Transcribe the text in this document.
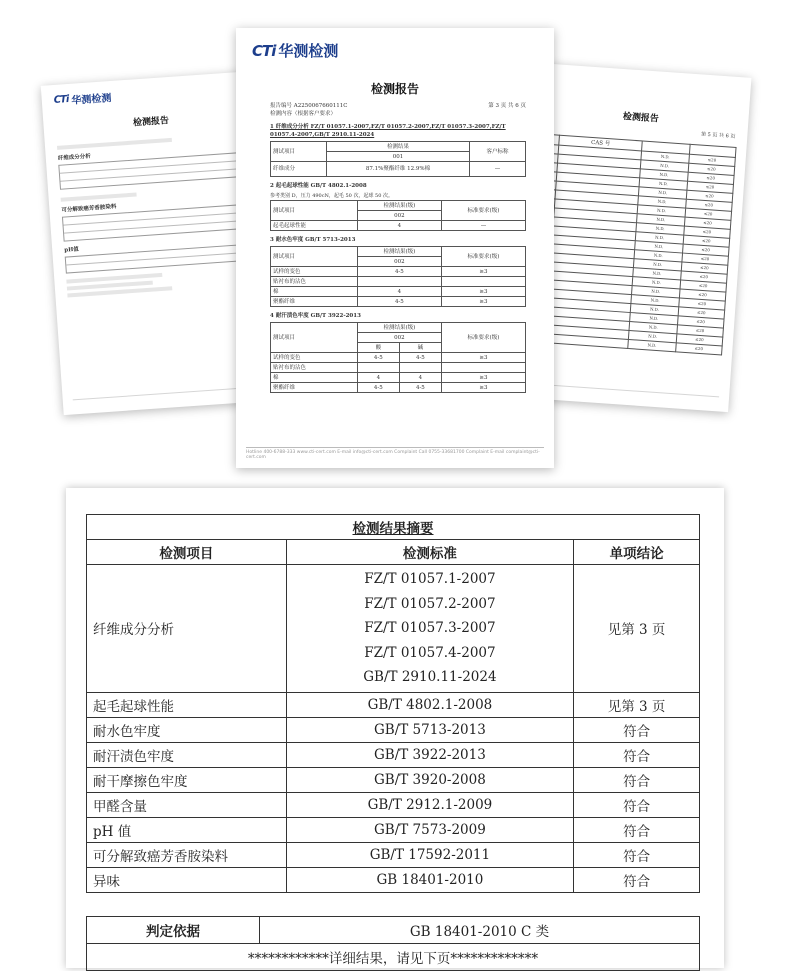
CTi 华测检测
检测报告
纤维成分分析
可分解致癌芳香胺染料
pH值
检测报告
第 5 页 共 6 页
	CAS 号		
		N.D.	≤20
		N.D.	≤20
		N.D.	≤20
		N.D.	≤20
		N.D.	≤20
		N.D.	≤20
		N.D.	≤20
		N.D.	≤20
		N.D.	≤20
		N.D.	≤20
		N.D.	≤20
		N.D.	≤20
		N.D.	≤20
		N.D.	≤20
		N.D.	≤20
		N.D.	≤20
		N.D.	≤20
		N.D.	≤20
		N.D.	≤20
		N.D.	≤20
		N.D.	≤20
		N.D.	≤20
CTi 华测检测
检测报告
报告编号 A2250067660111C	第 3 页 共 6 页
检测内容（根据客户要求）
1 纤维成分分析 FZ/T 01057.1-2007,FZ/T 01057.2-2007,FZ/T 01057.3-2007,FZ/T 01057.4-2007,GB/T 2910.11-2024
测试项目	检测结果	客户标称
	001	
纤维成分	87.1%聚酯纤维 12.9%棉	—
2 起毛起球性能 GB/T 4802.1-2008
参考类别 D，压力 490cN，起毛 50 次，起球 50 次。
测试项目	检测结果(级)	标准要求(级)
	002	
起毛起球性能	4	—
3 耐水色牢度 GB/T 5713-2013
测试项目	检测结果(级)	标准要求(级)
	002	
试样的变色	4-5	≥3
贴衬布的沾色		
棉	4	≥3
聚酯纤维	4-5	≥3
4 耐汗渍色牢度 GB/T 3922-2013
测试项目	检测结果(级)		标准要求(级)
	002		
	酸	碱	
试样的变色	4-5	4-5	≥3
贴衬布的沾色			
棉	4	4	≥3
聚酯纤维	4-5	4-5	≥3
Hotline 400-6788-333 www.cti-cert.com E-mail info@cti-cert.com Complaint Call 0755-33681700 Complaint E-mail complaint@cti-cert.com
检测结果摘要		
检测项目	检测标准	单项结论
纤维成分分析	FZ/T 01057.1-2007
FZ/T 01057.2-2007
FZ/T 01057.3-2007
FZ/T 01057.4-2007
GB/T 2910.11-2024	见第 3 页
起毛起球性能	GB/T 4802.1-2008	见第 3 页
耐水色牢度	GB/T 5713-2013	符合
耐汗渍色牢度	GB/T 3922-2013	符合
耐干摩擦色牢度	GB/T 3920-2008	符合
甲醛含量	GB/T 2912.1-2009	符合
pH 值	GB/T 7573-2009	符合
可分解致癌芳香胺染料	GB/T 17592-2011	符合
异味	GB 18401-2010	符合
判定依据	GB 18401-2010 C 类
************详细结果，请见下页*************
